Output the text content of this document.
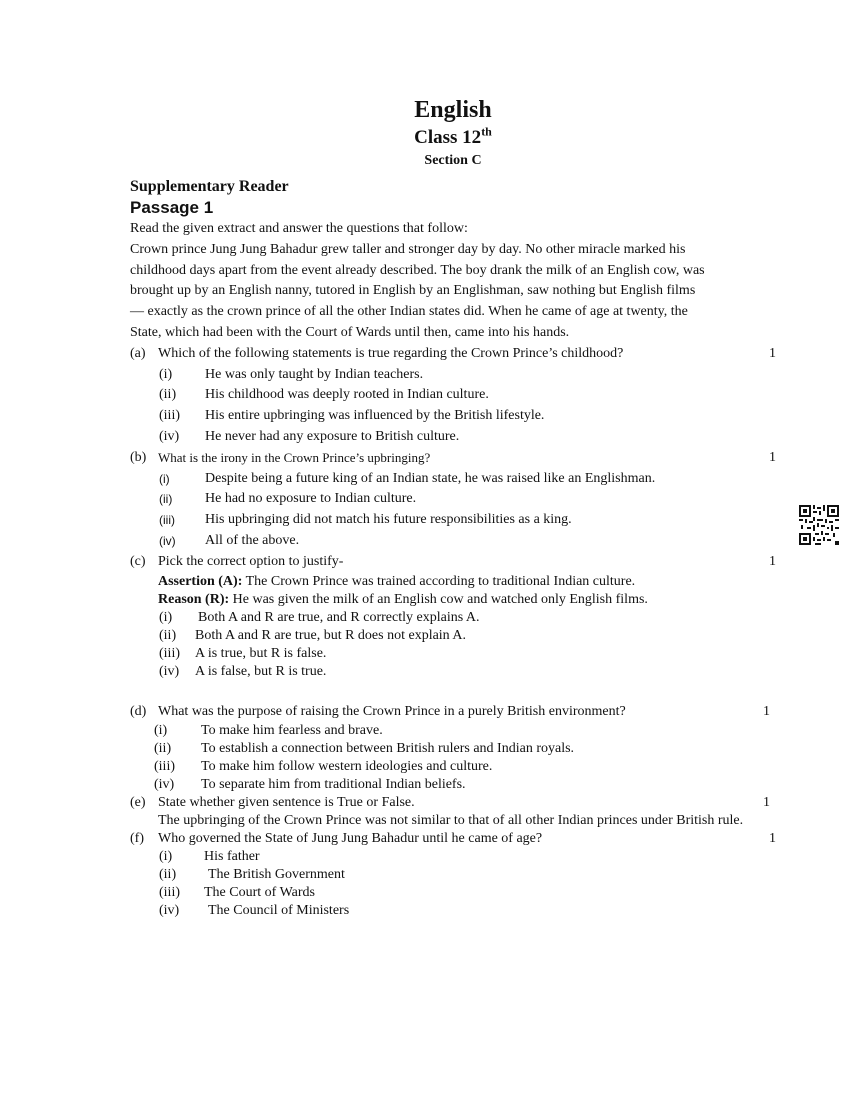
English
Class 12th
Section C
Supplementary Reader
Passage 1
Read the given extract and answer the questions that follow:
Crown prince Jung Jung Bahadur grew taller and stronger day by day. No other miracle marked his
childhood days apart from the event already described. The boy drank the milk of an English cow, was
brought up by an English nanny, tutored in English by an Englishman, saw nothing but English films
— exactly as the crown prince of all the other Indian states did. When he came of age at twenty, the
State, which had been with the Court of Wards until then, came into his hands.
(a) Which of the following statements is true regarding the Crown Prince’s childhood?	1
(i)	He was only taught by Indian teachers.
(ii)	His childhood was deeply rooted in Indian culture.
(iii)	His entire upbringing was influenced by the British lifestyle.
(iv)	He never had any exposure to British culture.
(b) What is the irony in the Crown Prince’s upbringing?	1
(i)	Despite being a future king of an Indian state, he was raised like an Englishman.
(ii)	He had no exposure to Indian culture.
(iii)	His upbringing did not match his future responsibilities as a king.
(iv)	All of the above.
(c) Pick the correct option to justify-	1
Assertion (A): The Crown Prince was trained according to traditional Indian culture.
Reason (R): He was given the milk of an English cow and watched only English films.
(i)	Both A and R are true, and R correctly explains A.
(ii)	Both A and R are true, but R does not explain A.
(iii)	A is true, but R is false.
(iv)	A is false, but R is true.
(d) What was the purpose of raising the Crown Prince in a purely British environment?	1
(i)	To make him fearless and brave.
(ii)	To establish a connection between British rulers and Indian royals.
(iii)	To make him follow western ideologies and culture.
(iv)	To separate him from traditional Indian beliefs.
(e) State whether given sentence is True or False.	1
The upbringing of the Crown Prince was not similar to that of all other Indian princes under British rule.
(f)	Who governed the State of Jung Jung Bahadur until he came of age?	1
(i)	His father
(ii)	The British Government
(iii)	The Court of Wards
(iv)	The Council of Ministers
